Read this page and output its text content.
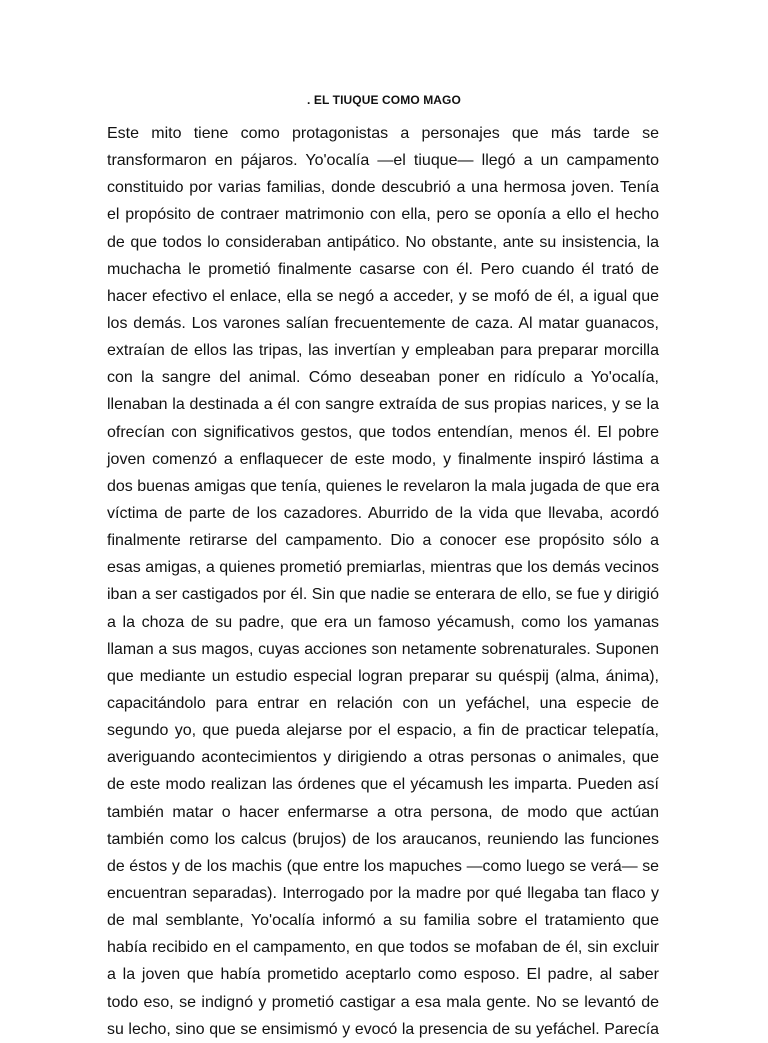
. EL TIUQUE COMO MAGO
Este mito tiene como protagonistas a personajes que más tarde se
transformaron en pájaros. Yo'ocalía —el tiuque— llegó a un campamento
constituido por varias familias, donde descubrió a una hermosa joven. Tenía
el propósito de contraer matrimonio con ella, pero se oponía a ello el hecho
de que todos lo consideraban antipático. No obstante, ante su insistencia, la
muchacha le prometió finalmente casarse con él. Pero cuando él trató de
hacer efectivo el enlace, ella se negó a acceder, y se mofó de él, a igual que
los demás. Los varones salían frecuentemente de caza. Al matar guanacos,
extraían de ellos las tripas, las invertían y empleaban para preparar morcilla
con la sangre del animal. Cómo deseaban poner en ridículo a Yo'ocalía,
llenaban la destinada a él con sangre extraída de sus propias narices, y se la
ofrecían con significativos gestos, que todos entendían, menos él. El pobre
joven comenzó a enflaquecer de este modo, y finalmente inspiró lástima a
dos buenas amigas que tenía, quienes le revelaron la mala jugada de que era
víctima de parte de los cazadores. Aburrido de la vida que llevaba, acordó
finalmente retirarse del campamento. Dio a conocer ese propósito sólo a
esas amigas, a quienes prometió premiarlas, mientras que los demás vecinos
iban a ser castigados por él. Sin que nadie se enterara de ello, se fue y dirigió
a la choza de su padre, que era un famoso yécamush, como los yamanas
llaman a sus magos, cuyas acciones son netamente sobrenaturales. Suponen
que mediante un estudio especial logran preparar su quéspij (alma, ánima),
capacitándolo para entrar en relación con un yefáchel, una especie de
segundo yo, que pueda alejarse por el espacio, a fin de practicar telepatía,
averiguando acontecimientos y dirigiendo a otras personas o animales, que
de este modo realizan las órdenes que el yécamush les imparta. Pueden así
también matar o hacer enfermarse a otra persona, de modo que actúan
también como los calcus (brujos) de los araucanos, reuniendo las funciones
de éstos y de los machis (que entre los mapuches —como luego se verá— se
encuentran separadas). Interrogado por la madre por qué llegaba tan flaco y
de mal semblante, Yo'ocalía informó a su familia sobre el tratamiento que
había recibido en el campamento, en que todos se mofaban de él, sin excluir
a la joven que había prometido aceptarlo como esposo. El padre, al saber
todo eso, se indignó y prometió castigar a esa mala gente. No se levantó de
su lecho, sino que se ensimismó y evocó la presencia de su yefáchel. Parecía
